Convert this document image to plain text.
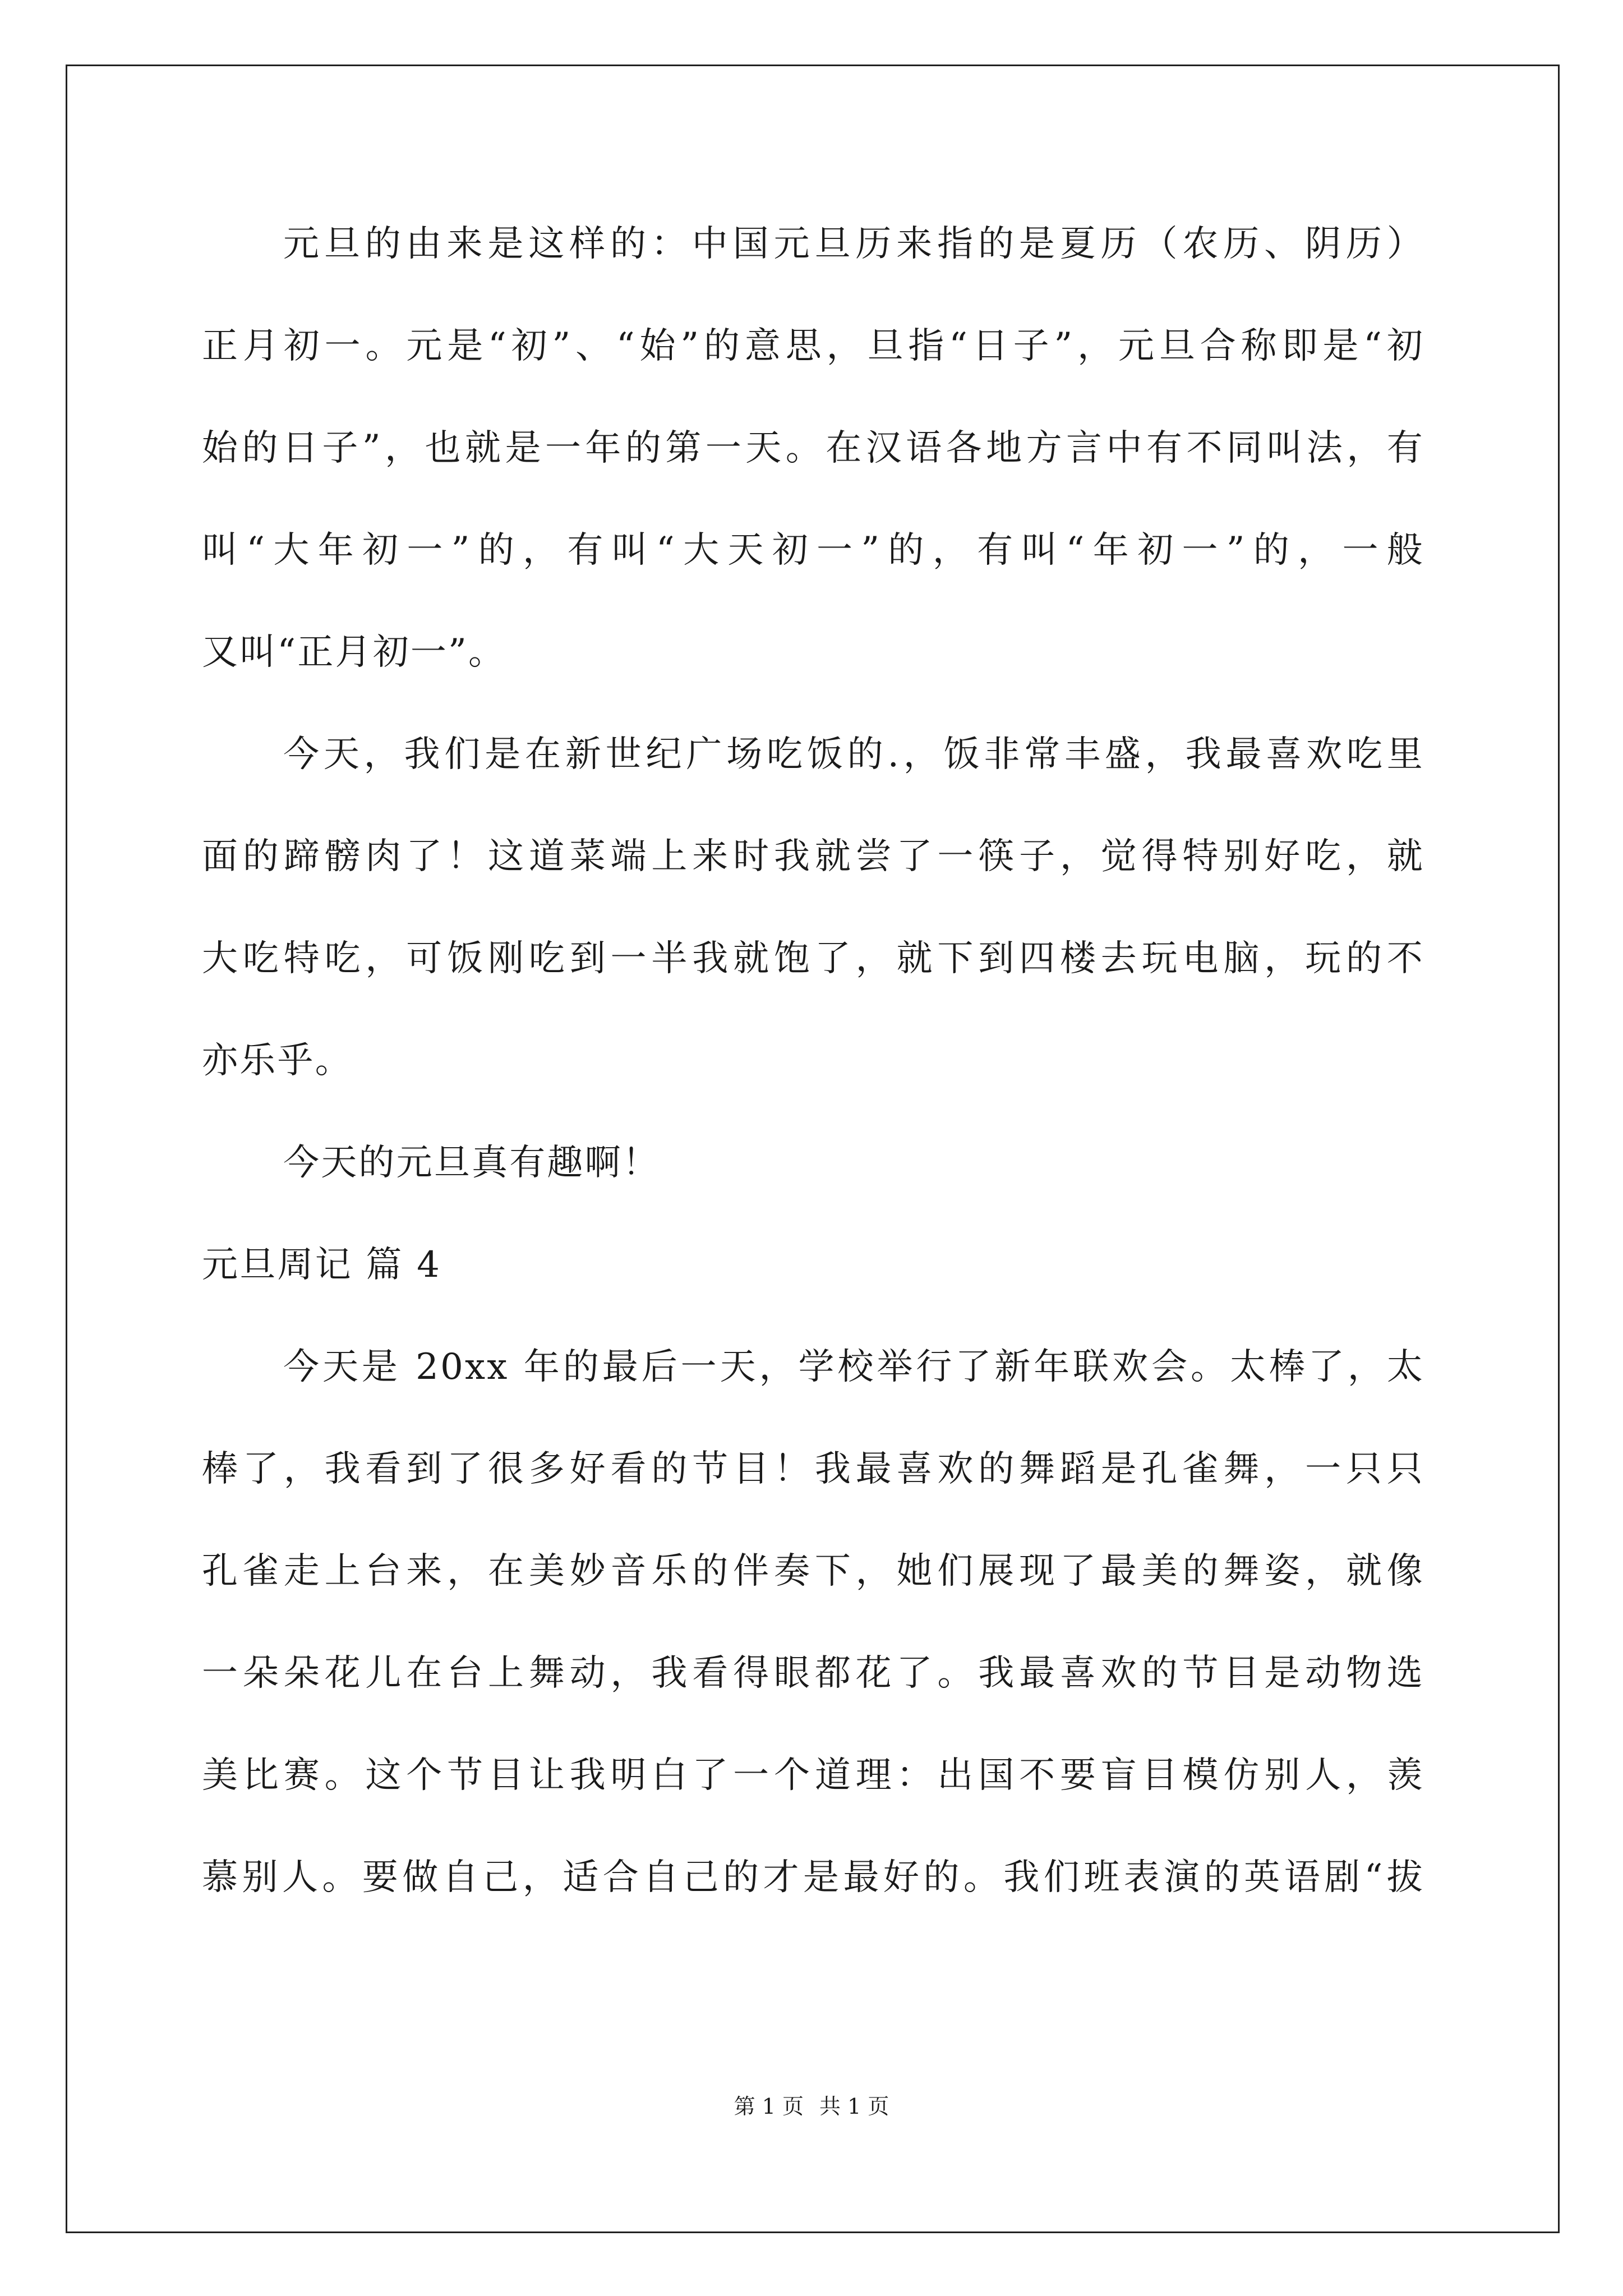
元旦的由来是这样的：中国元旦历来指的是夏历（农历、阴历）
正月初一。元是“初”、“始”的意思，旦指“日子”，元旦合称即是“初
始的日子”，也就是一年的第一天。在汉语各地方言中有不同叫法，有
叫“大年初一”的，有叫“大天初一”的，有叫“年初一”的，一般
又叫“正月初一”。
今天，我们是在新世纪广场吃饭的.，饭非常丰盛，我最喜欢吃里
面的蹄髈肉了！这道菜端上来时我就尝了一筷子，觉得特别好吃，就
大吃特吃，可饭刚吃到一半我就饱了，就下到四楼去玩电脑，玩的不
亦乐乎。
今天的元旦真有趣啊！
元旦周记 篇 4
今天是 20xx 年的最后一天，学校举行了新年联欢会。太棒了，太
棒了，我看到了很多好看的节目！我最喜欢的舞蹈是孔雀舞，一只只
孔雀走上台来，在美妙音乐的伴奏下，她们展现了最美的舞姿，就像
一朵朵花儿在台上舞动，我看得眼都花了。我最喜欢的节目是动物选
美比赛。这个节目让我明白了一个道理：出国不要盲目模仿别人，羡
慕别人。要做自己，适合自己的才是最好的。我们班表演的英语剧“拔
第 1 页 共 1 页
